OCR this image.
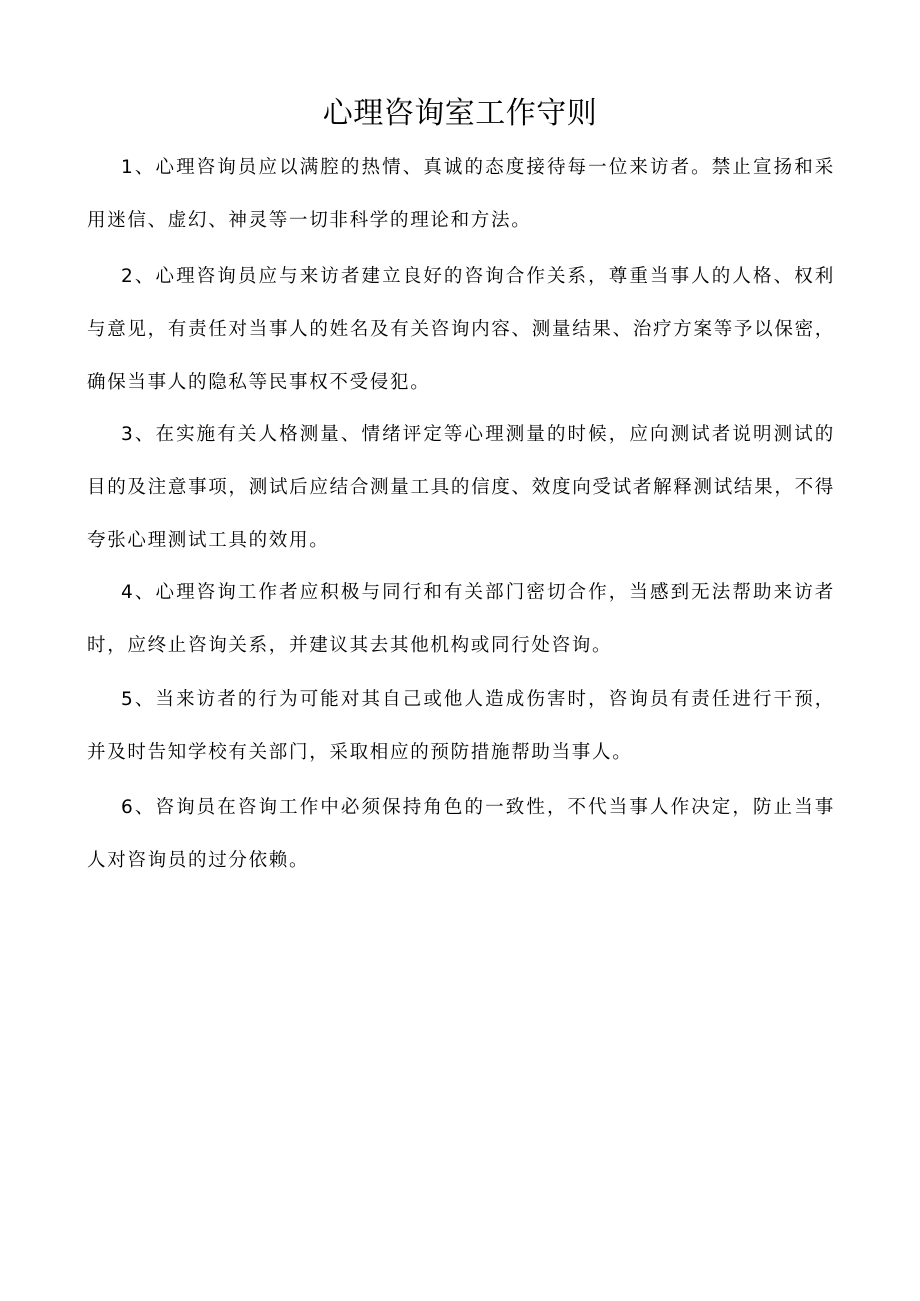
心理咨询室工作守则

1、心理咨询员应以满腔的热情、真诚的态度接待每一位来访者。禁止宣扬和采用迷信、虚幻、神灵等一切非科学的理论和方法。

2、心理咨询员应与来访者建立良好的咨询合作关系，尊重当事人的人格、权利与意见，有责任对当事人的姓名及有关咨询内容、测量结果、治疗方案等予以保密，确保当事人的隐私等民事权不受侵犯。

3、在实施有关人格测量、情绪评定等心理测量的时候，应向测试者说明测试的目的及注意事项，测试后应结合测量工具的信度、效度向受试者解释测试结果，不得夸张心理测试工具的效用。

4、心理咨询工作者应积极与同行和有关部门密切合作，当感到无法帮助来访者时，应终止咨询关系，并建议其去其他机构或同行处咨询。

5、当来访者的行为可能对其自己或他人造成伤害时，咨询员有责任进行干预，并及时告知学校有关部门，采取相应的预防措施帮助当事人。

6、咨询员在咨询工作中必须保持角色的一致性，不代当事人作决定，防止当事人对咨询员的过分依赖。
